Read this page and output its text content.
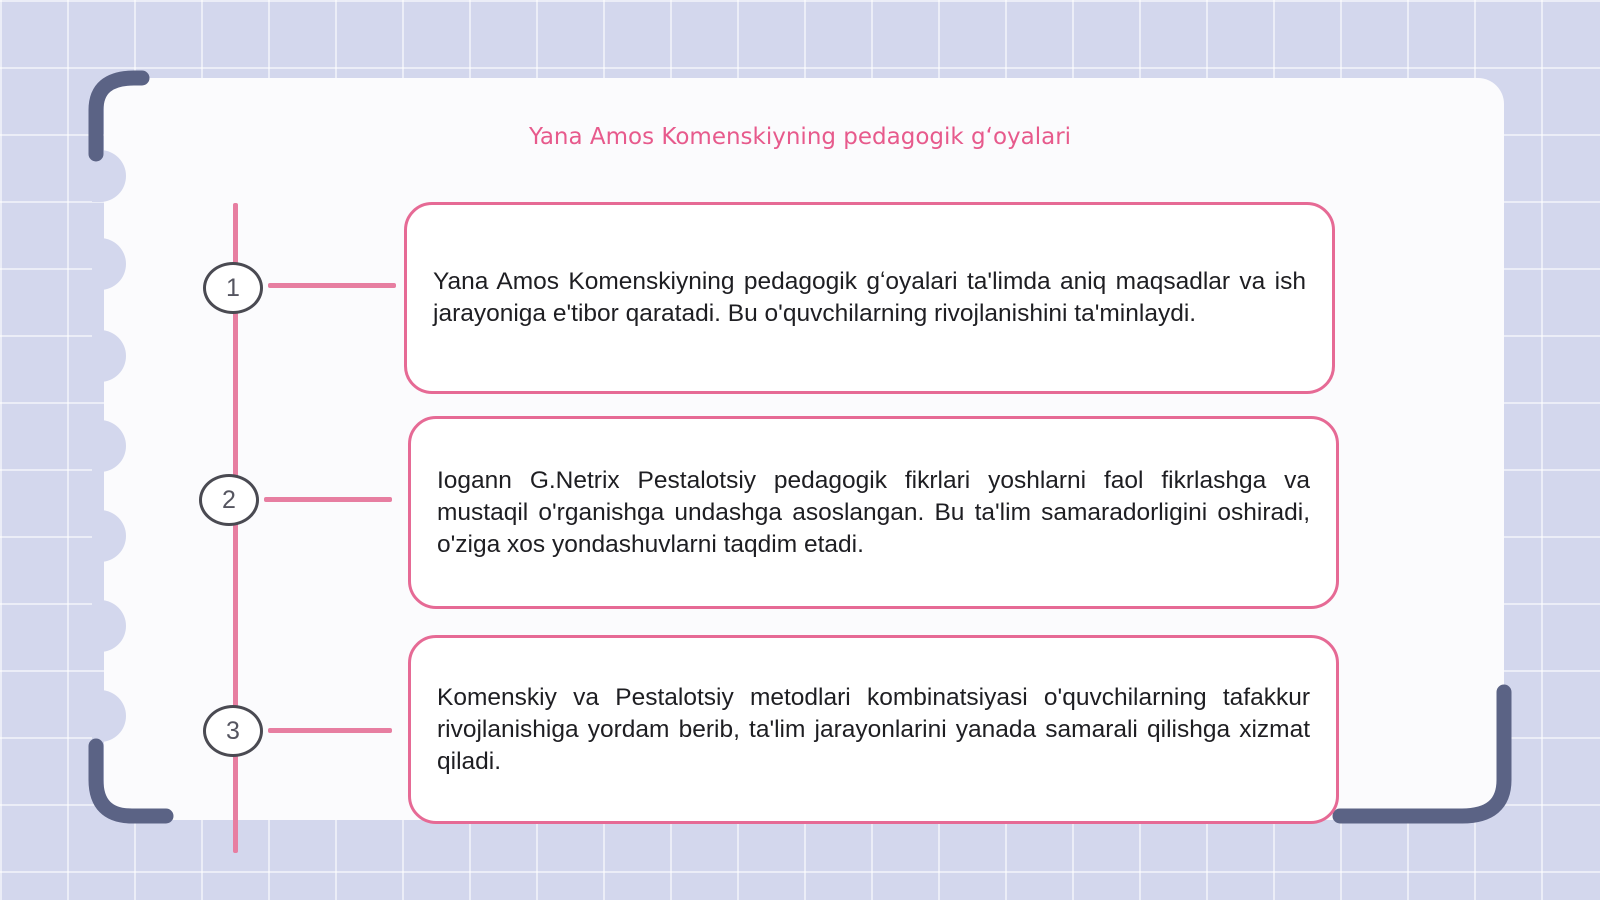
Yana Amos Komenskiyning pedagogik gʻoyalari
1	Yana Amos Komenskiyning pedagogik gʻoyalari ta'limda aniq maqsadlar va ish jarayoniga e'tibor qaratadi. Bu o'quvchilarning rivojlanishini ta'minlaydi.

2

Iogann G.Netrix Pestalotsiy pedagogik fikrlari yoshlarni faol fikrlashga va mustaqil o'rganishga undashga asoslangan. Bu ta'lim samaradorligini oshiradi, o'ziga xos yondashuvlarni taqdim etadi.

3

Komenskiy va Pestalotsiy metodlari kombinatsiyasi o'quvchilarning tafakkur rivojlanishiga yordam berib, ta'lim jarayonlarini yanada samarali qilishga xizmat qiladi.
